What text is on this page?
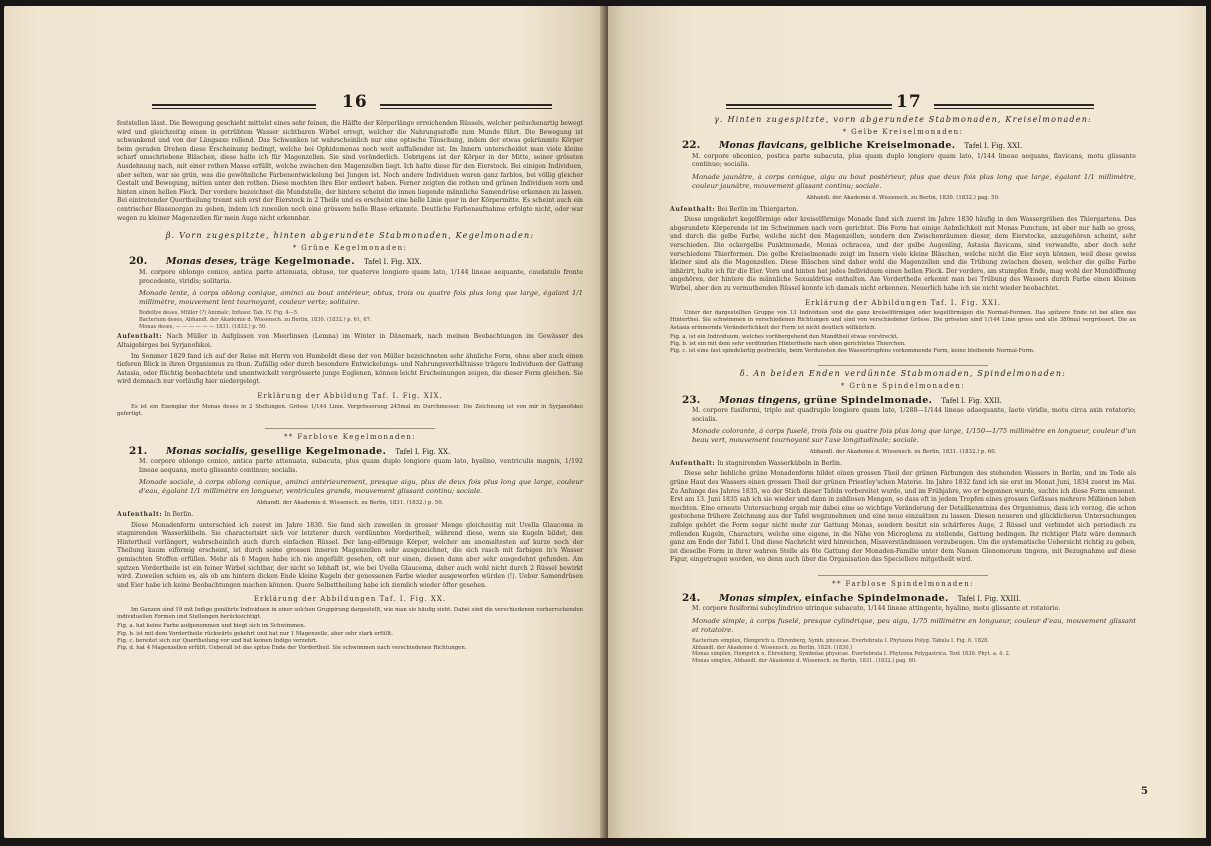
16

feststellen lässt. Die Bewegung geschieht mittelst eines sehr feinen, die Hälfte der Körperlänge erreichenden Rüssels, welcher peitschenartig bewegt wird und gleichzeitig einen in getrübtem Wasser sichtbaren Wirbel erregt, welcher die Nahrungsstoffe zum Munde führt. Die Bewegung ist schwankend und von der Längsaxe rollend. Das Schwanken ist wahrscheinlich nur eine optische Täuschung, indem der etwas gekrümmte Körper beim geraden Drehen diese Erscheinung bedingt, welche bei Ophidomonas noch weit auffallender ist. Im Innern unterscheidet man viele kleine scharf umschriebene Bläschen, diese halte ich für Magenzellen. Sie sind veränderlich. Uebrigens ist der Körper in der Mitte, seiner grössten Ausdehnung nach, mit einer rothen Masse erfüllt, welche zwischen den Magenzellen liegt. Ich halte diese für den Eierstock. Bei einigen Individuen, aber selten, war sie grün, was die gewöhnliche Farbenentwickelung bei Jungen ist. Noch andere Individuen waren ganz farblos, bei völlig gleicher Gestalt und Bewegung, mitten unter den rothen. Diese mochten ihre Eier entleert haben. Ferner zeigten die rothen und grünen Individuen vorn und hinten einen hellen Fleck. Der vordere bezeichnet die Mundstelle, der hintere scheint die innen liegende männliche Samendrüse erkennen zu lassen. Bei eintretender Quertheilung trennt sich erst der Eierstock in 2 Theile und es erscheint eine helle Linie quer in der Körpermitte. Es scheint auch ein centrischer Blasenorgan zu geben, indem ich zuweilen noch eine grössere helle Blase erkannte. Deutliche Farbenaufnahme erfolgte nicht, oder war wegen zu kleiner Magenzellen für mein Auge nicht erkennbar.

β. Vorn zugespitzte, hinten abgerundete Stabmonaden, Kegelmonaden:
* Grüne Kegelmonaden:
20. Monas deses, träge Kegelmonade. Tafel I. Fig. XIX.

M. corpore oblongo conico, antica parte attenuata, obtuso, ter quaterve longiore quam lato, 1/144 lineae aequante, caudatulo fronte procedente, viridis; solitaria.

Monade lente, à corps oblong conique, aminci au bout antérieur, obtus, trois ou quatre fois plus long que large, égalant 1/1 millimètre, mouvement lent tournoyant, couleur verte; solitaire.
Bodellye deses, Müller (?) Animalc. Infusor. Tab. IV. Fig. 4—5.
Bacterium deses, Abhandl. der Akademie d. Wissensch. zu Berlin, 1830. (1832.) p. 61, 67.
Monas deses, — — — — — — 1831. (1832.) p. 50.

Aufenthalt: Nach Müller in Aufgüssen von Meerlinsen (Lemna) im Winter in Dänemark, nach meinen Beobachtungen im Gewässer des Altaigebirges bei Syrjanofskoi.

Im Sommer 1829 fand ich auf der Reise mit Herrn von Humboldt diese der von Müller bezeichneten sehr ähnliche Form, ohne aber auch einen tieferen Blick in ihren Organismus zu thun. Zufällig oder durch besondere Entwickelungs- und Nahrungsverhältnisse trägere Individuen der Gattung Astasia, oder flüchtig beobachtete und unentwickelt vergrösserte junge Euglenen, können leicht Erscheinungen zeigen, die dieser Form gleichen. Sie wird demnach nur vorläufig hier niedergelegt.

Erklärung der Abbildung Taf. I. Fig. XIX.

Es ist ein Exemplar der Monas deses in 2 Stellungen. Grösse 1/144 Linie. Vergrösserung 245mal im Durchmesser. Die Zeichnung ist von mir in Syrjanofskoi gefertigt.

** Farblose Kegelmonaden:
21. Monas socialis, gesellige Kegelmonade. Tafel I. Fig. XX.

M. corpore oblongo conico, antica parte attenuata, subacuta, plus quam duplo longiore quam lato, hyalino, ventriculis magnis, 1/192 lineae aequans, motu glissante continuo; socialis.

Monade sociale, à corps oblong conique, aminci antérieurement, presque aigu, plus de deux fois plus long que large, couleur d'eau, égalant 1/1 millimètre en longueur, ventricules grands, mouvement glissant continu; sociale.
Abhandl. der Akademie d. Wissensch. zu Berlin, 1831. (1832.) p. 50.

Aufenthalt: In Berlin.

Diese Monadenform unterschied ich zuerst im Jahre 1830. Sie fand sich zuweilen in grosser Menge gleichzeitig mit Uvella Glaucoma in stagnirenden Wasserkübeln. Sie characterisirt sich vor letzterer durch verdünnten Vordertheil, während diese, wenn sie Kugeln bildet, den Hintertheil verlängert, wahrscheinlich auch durch einfachen Rüssel. Der lang-eiförmige Körper, welcher am anomaltesten auf kurze noch der Theilung kaum eiförmig erscheint, ist durch seine grossen inneren Magenzellen sehr ausgezeichnet, die sich rasch mit farbigen in's Wasser gemischten Stoffen erfüllen. Mehr als 6 Magen habe ich nie angefüllt gesehen, oft nur einen, diesen dann aber sehr ausgedehnt gefunden. Am spitzen Vordertheile ist ein feiner Wirbel sichtbar, der nicht so lebhaft ist, wie bei Uvella Glaucoma, daher auch wohl nicht durch 2 Rüssel bewirkt wird. Zuweilen schien es, als ob am hintern dicken Ende kleine Kugeln der genossenen Farbe wieder ausgeworfen würden (!). Ueber Samendrüsen und Eier habe ich keine Beobachtungen machen können. Quere Selbsttheilung habe ich ziemlich wieder öfter gesehen.

Erklärung der Abbildungen Taf. I. Fig. XX.

Im Ganzen sind 19 mit Indigo genährte Individuen in einer solchen Gruppirung dargestellt, wie man sie häufig sieht. Dabei sind die verschiedenen vorherrschenden individuellen Formen und Stellungen berücksichtigt.

Fig. a. hat keine Farbe aufgenommen und biegt sich im Schwimmen.
Fig. b. ist mit dem Vordertheile rückwärts gekehrt und hat nur 1 Magenzelle, aber sehr stark erfüllt.
Fig. c. bereitet sich zur Quertheilung vor und hat keinen Indigo verzehrt.
Fig. d. hat 4 Magenzellen erfüllt. Ueberall ist das spitze Ende der Vordertheil. Sie schwimmen nach verschiedenen Richtungen.
17
γ. Hinten zugespitzte, vorn abgerundete Stabmonaden, Kreiselmonaden:
* Gelbe Kreiselmonaden:
22. Monas flavicans, gelbliche Kreiselmonade. Tafel I. Fig. XXI.

M. corpore obconico, postica parte subacuta, plus quam duplo longiore quam lato, 1/144 lineae aequans, flavicans, motu glissante continuo; socialis.

Monade jaunâtre, à corps conique, aigu au bout postérieur, plus que deux fois plus long que large, égalant 1/1 millimètre, couleur jaunâtre, mouvement glissant continu; sociale.
Abhandl. der Akademie d. Wissensch. zu Berlin, 1830. (1832.) pag. 50.

Aufenthalt: Bei Berlin im Thiergarten.

Diese umgekehrt kegelförmige oder kreiselförmige Monade fand sich zuerst im Jahre 1830 häufig in den Wassergräben des Thiergartens. Das abgerundete Körperende ist im Schwimmen nach vorn gerichtet. Die Form hat einige Aehnlichkeit mit Monas Punctum, ist aber nur halb so gross, und durch die gelbe Farbe, welche nicht den Magenzellen, sondern den Zwischenräumen dieser, dem Eierstocke, anzugehören scheint, sehr verschieden. Die ockergelbe Punktmonade, Monas ochracea, und der gelbe Augenling, Astasia flavicans, sind verwandte, aber doch sehr verschiedene Thierformen. Die gelbe Kreiselmonade zeigt im Innern viele kleine Bläschen, welche nicht die Eier seyn können, weil diese gewiss kleiner sind als die Magenzellen. Diese Bläschen sind daher wohl die Magenzellen und die Trübung zwischen diesen, welcher die gelbe Farbe inhärirt, halte ich für die Eier. Vorn und hinten hat jedes Individuum einen hellen Fleck. Der vordere, am stumpfen Ende, mag wohl der Mundöffnung angehören, der hintere die männliche Sexualdrüse enthalten. Am Vordertheile erkennt man bei Trübung des Wassers durch Farbe einen kleinen Wirbel, aber den zu vermuthenden Rüssel konnte ich damals nicht erkennen. Neuerlich habe ich sie nicht wieder beobachtet.

Erklärung der Abbildungen Taf. I. Fig. XXI.

Unter der dargestellten Gruppe von 13 Individuen sind die ganz kreiselförmigen oder kegelförmigen die Normal-Formen. Das spitzere Ende ist bei allen das Hinterthei. Sie schwimmen in verschiedenen Richtungen und sind von verschiedener Grösse. Die grössten sind 1/144 Linie gross und alle 380mal vergrössert. Die an Astasia erinnernde Veränderlichkeit der Form ist nicht deutlich willkürlich.

Fig. a. ist ein Individuum, welches vorübergehend den Mundtheil etwas vorstreckt.
Fig. b. ist ein mit dem sehr verdünnten Hintertheile nach oben gerichtetes Thierchen.
Fig. c. ist eine fast spindelartig gestreckte, beim Verdunsten des Wassertropfens vorkommende Form, keine bleibende Normal-Form.
δ. An beiden Enden verdünnte Stabmonaden, Spindelmonaden:
* Grüne Spindelmonaden:
23. Monas tingens, grüne Spindelmonade. Tafel I. Fig. XXII.

M. corpore fusiformi, triplo aut quadruplo longiore quam lato, 1/288—1/144 lineae adaequante, laete viridis, motu circa axin rotatorio; socialis.

Monade colorante, à corps fuselé, trois fois ou quatre fois plus long que large, 1/150—1/75 millimètre en longueur, couleur d'un beau vert, mouvement tournoyant sur l'axe longitudinale; sociale.
Abhandl. der Akademie d. Wissensch. zu Berlin, 1831. (1832.) p. 60.

Aufenthalt: In stagnirenden Wasserkübeln in Berlin.

Diese sehr liebliche grüne Monadenform bildet einen grossen Theil der grünen Färbungen des stehenden Wassers in Berlin, und im Tode als grüne Haut des Wassers einen grossen Theil der grünen Priestley'schen Materie. Im Jahre 1832 fand ich sie erst im Monat Juni, 1834 zuerst im Mai. Zu Anfange des Jahres 1835, wo der Stich dieser Tafeln vorbereitet wurde, und im Frühjahre, wo er begonnen wurde, suchte ich diese Form umsonst. Erst am 13. Juni 1835 sah ich sie wieder und dann in zahllosen Mengen, so dass oft in jedem Tropfen eines grossen Gefässes mehrere Millionen leben mochten. Eine erneute Untersuchung ergab mir dabei eine so wichtige Veränderung der Detailkenntniss des Organismus, dass ich vorzog, die schon gestochene frühere Zeichnung aus der Tafel wegzunehmen und eine neue einzuätzen zu lassen. Diesen neueren und glücklicheren Untersuchungen zufolge gehört die Form sogar nicht mehr zur Gattung Monas, sondern besitzt ein schärferes Auge, 2 Rüssel und verbindet sich periodisch zu rollenden Kugeln, Characters, welche eine eigene, in die Nähe von Microglena zu stellende, Gattung bedingen. Ihr richtiger Platz wäre demnach ganz am Ende der Tafel I. Und diese Nachricht wird hinreichen, Missverständnissen vorzubeugen. Um die systematische Uebersicht richtig zu geben, ist dieselbe Form in ihrer wahren Stelle als 6te Gattung der Monaden-Familie unter dem Namen Glenomorum tingens, mit Bezugnahme auf diese Figur, eingetragen worden, wo denn auch über die Organisation das Speciellere mitgetheilt wird.

** Farblose Spindelmonaden:
24. Monas simplex, einfache Spindelmonade. Tafel I. Fig. XXIII.

M. corpore fusiformi subcylindrico utrinque subacuto, 1/144 lineae attingente, hyalino, motu glissante et rotatorio.

Monade simple, à corps fuselé, presque cylindrique, peu aigu, 1/75 millimètre en longueur, couleur d'eau, mouvement glissant et rotatoire.
Bacterium simplex, Hemprich u. Ehrenberg, Symb. physicae. Evertebrata I. Phytozoa Polyg. Tabula I. Fig. 6. 1828.
Abhandl. der Akademie d. Wissensch. zu Berlin, 1829. (1830.)
Monas simplex, Hemprich u. Ehrenberg, Symbolae physicae. Evertebrata I. Phytozoa Polygastrica. Text 1830. Phyt. a. 4. 2.
Monas simplex, Abhandl. der Akademie d. Wissensch. zu Berlin, 1831. (1832.) pag. 60.
5
